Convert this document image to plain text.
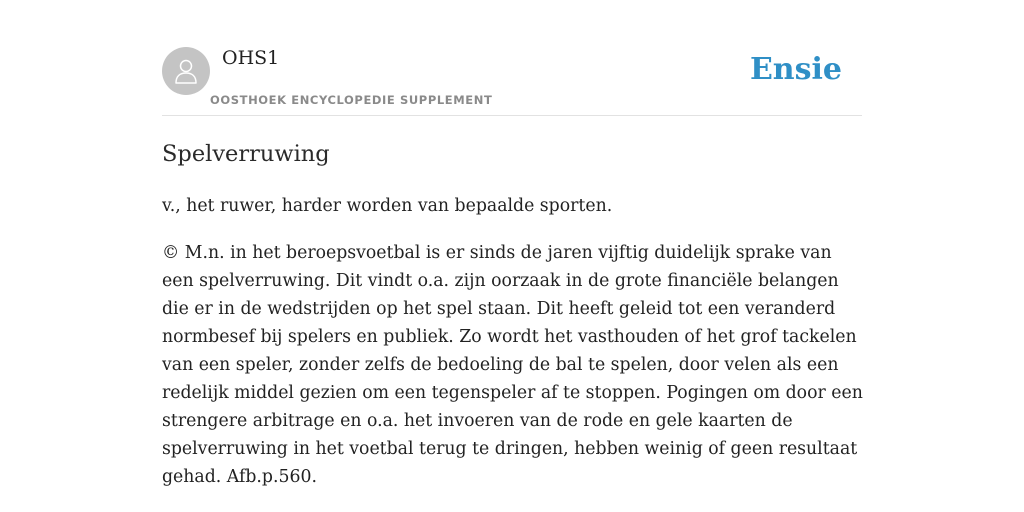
OHS1
OOSTHOEK ENCYCLOPEDIE SUPPLEMENT
Ensie
Spelverruwing

v., het ruwer, harder worden van bepaalde sporten.

© M.n. in het beroepsvoetbal is er sinds de jaren vijftig duidelijk sprake van een spelverruwing. Dit vindt o.a. zijn oorzaak in de grote financiële belangen die er in de wedstrijden op het spel staan. Dit heeft geleid tot een veranderd normbesef bij spelers en publiek. Zo wordt het vasthouden of het grof tackelen van een speler, zonder zelfs de bedoeling de bal te spelen, door velen als een redelijk middel gezien om een tegenspeler af te stoppen. Pogingen om door een strengere arbitrage en o.a. het invoeren van de rode en gele kaarten de spelverruwing in het voetbal terug te dringen, hebben weinig of geen resultaat gehad. Afb.p.560.
